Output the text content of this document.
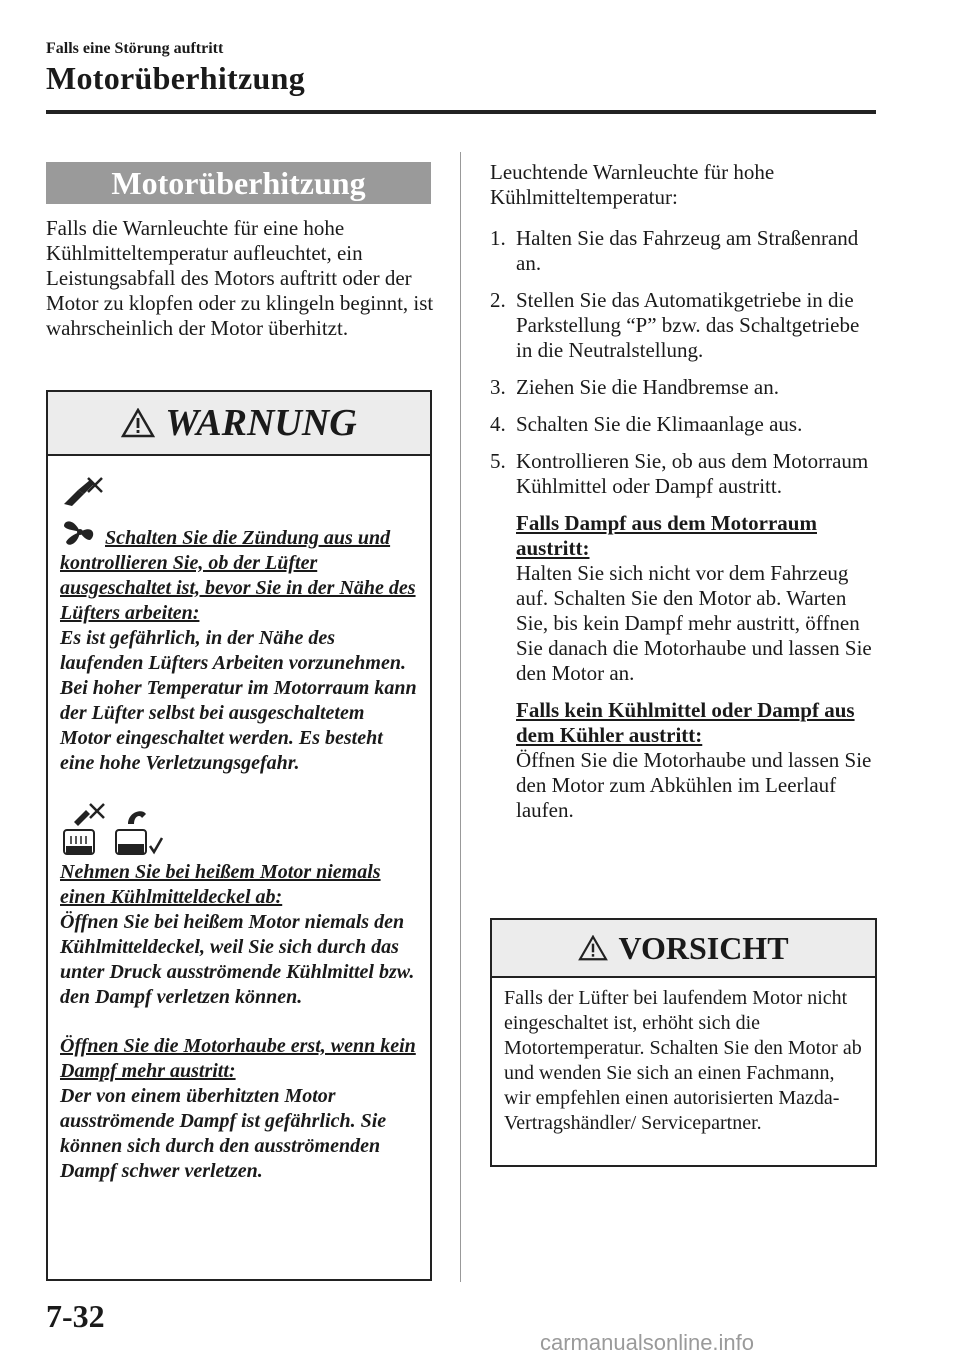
Falls eine Störung auftritt
Motorüberhitzung
Motorüberhitzung
Falls die Warnleuchte für eine hohe Kühlmitteltemperatur aufleuchtet, ein Leistungsabfall des Motors auftritt oder der Motor zu klopfen oder zu klingeln beginnt, ist wahrscheinlich der Motor überhitzt.
WARNUNG

Schalten Sie die Zündung aus und kontrollieren Sie, ob der Lüfter ausgeschaltet ist, bevor Sie in der Nähe des Lüfters arbeiten:

Es ist gefährlich, in der Nähe des laufenden Lüfters Arbeiten vorzunehmen. Bei hoher Temperatur im Motorraum kann der Lüfter selbst bei ausgeschaltetem Motor eingeschaltet werden. Es besteht eine hohe Verletzungsgefahr.

Nehmen Sie bei heißem Motor niemals einen Kühlmitteldeckel ab:

Öffnen Sie bei heißem Motor niemals den Kühlmitteldeckel, weil Sie sich durch das unter Druck ausströmende Kühlmittel bzw. den Dampf verletzen können.

Öffnen Sie die Motorhaube erst, wenn kein Dampf mehr austritt:

Der von einem überhitzten Motor ausströmende Dampf ist gefährlich. Sie können sich durch den ausströmenden Dampf schwer verletzen.

Leuchtende Warnleuchte für hohe Kühlmitteltemperatur:

1. Halten Sie das Fahrzeug am Straßenrand an.
2. Stellen Sie das Automatikgetriebe in die Parkstellung “P” bzw. das Schaltgetriebe in die Neutralstellung.
3. Ziehen Sie die Handbremse an.
4. Schalten Sie die Klimaanlage aus.
5. Kontrollieren Sie, ob aus dem Motorraum Kühlmittel oder Dampf austritt.
Falls Dampf aus dem Motorraum austritt:
Halten Sie sich nicht vor dem Fahrzeug auf. Schalten Sie den Motor ab. Warten Sie, bis kein Dampf mehr austritt, öffnen Sie danach die Motorhaube und lassen Sie den Motor an.
Falls kein Kühlmittel oder Dampf aus dem Kühler austritt:
Öffnen Sie die Motorhaube und lassen Sie den Motor zum Abkühlen im Leerlauf laufen.
VORSICHT
Falls der Lüfter bei laufendem Motor nicht eingeschaltet ist, erhöht sich die Motortemperatur. Schalten Sie den Motor ab und wenden Sie sich an einen Fachmann, wir empfehlen einen autorisierten Mazda-Vertragshändler/ Servicepartner.
7-32
carmanualsonline.info
